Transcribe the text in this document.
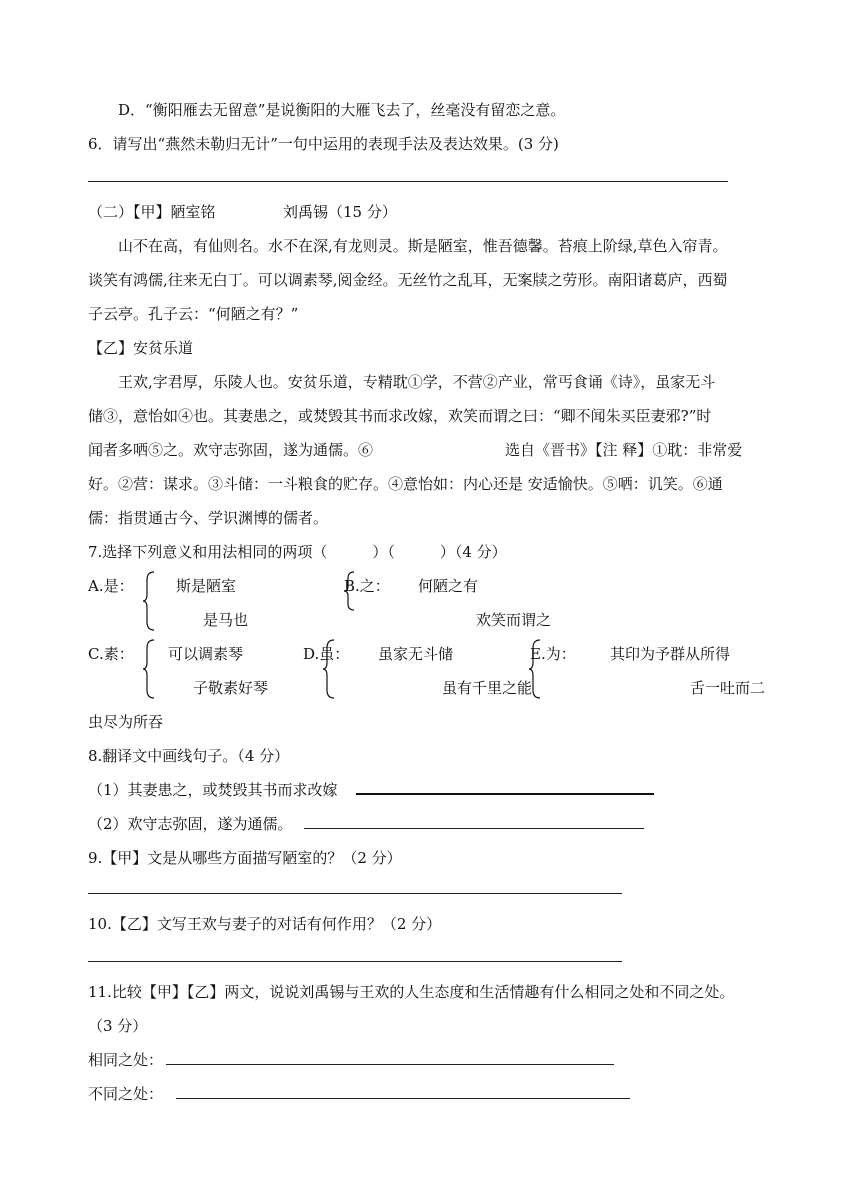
D．“衡阳雁去无留意”是说衡阳的大雁飞去了，丝毫没有留恋之意。
6．请写出“燕然未勒归无计”一句中运用的表现手法及表达效果。(3 分)
（二）【甲】陋室铭	刘禹锡（15 分）
山不在高，有仙则名。水不在深,有龙则灵。斯是陋室，惟吾德馨。苔痕上阶绿,草色入帘青。
谈笑有鸿儒,往来无白丁。可以调素琴,阅金经。无丝竹之乱耳，无案牍之劳形。南阳诸葛庐，西蜀
子云亭。孔子云：“何陋之有？”
【乙】安贫乐道
王欢,字君厚，乐陵人也。安贫乐道，专精耽①学，不营②产业，常丐食诵《诗》，虽家无斗
储③，意怡如④也。其妻患之，或焚毁其书而求改嫁，欢笑而谓之曰：“卿不闻朱买臣妻邪?”时
闻者多哂⑤之。欢守志弥固，遂为通儒。⑥	选自《晋书》【注 释】①耽：非常爱
好。②营：谋求。③斗储：一斗粮食的贮存。④意怡如：内心还是 安适愉快。⑤哂：讥笑。⑥通
儒：指贯通古今、学识渊博的儒者。
7.选择下列意义和用法相同的两项（　　　）（　　　）（4 分）
A.是：	斯是陋室
是马也
B.之： 何陋之有
欢笑而谓之
C.素： 可以调素琴
子敬素好琴
D.虽： 虽家无斗储
虽有千里之能
E.为： 其印为予群从所得
舌一吐而二
虫尽为所吞
8.翻译文中画线句子。（4 分）
（1）其妻患之，或焚毁其书而求改嫁
（2）欢守志弥固，遂为通儒。
9.【甲】文是从哪些方面描写陋室的？（2 分）
10.【乙】文写王欢与妻子的对话有何作用？（2 分）
11.比较【甲】【乙】两文，说说刘禹锡与王欢的人生态度和生活情趣有什么相同之处和不同之处。
（3 分）
相同之处：
不同之处：
